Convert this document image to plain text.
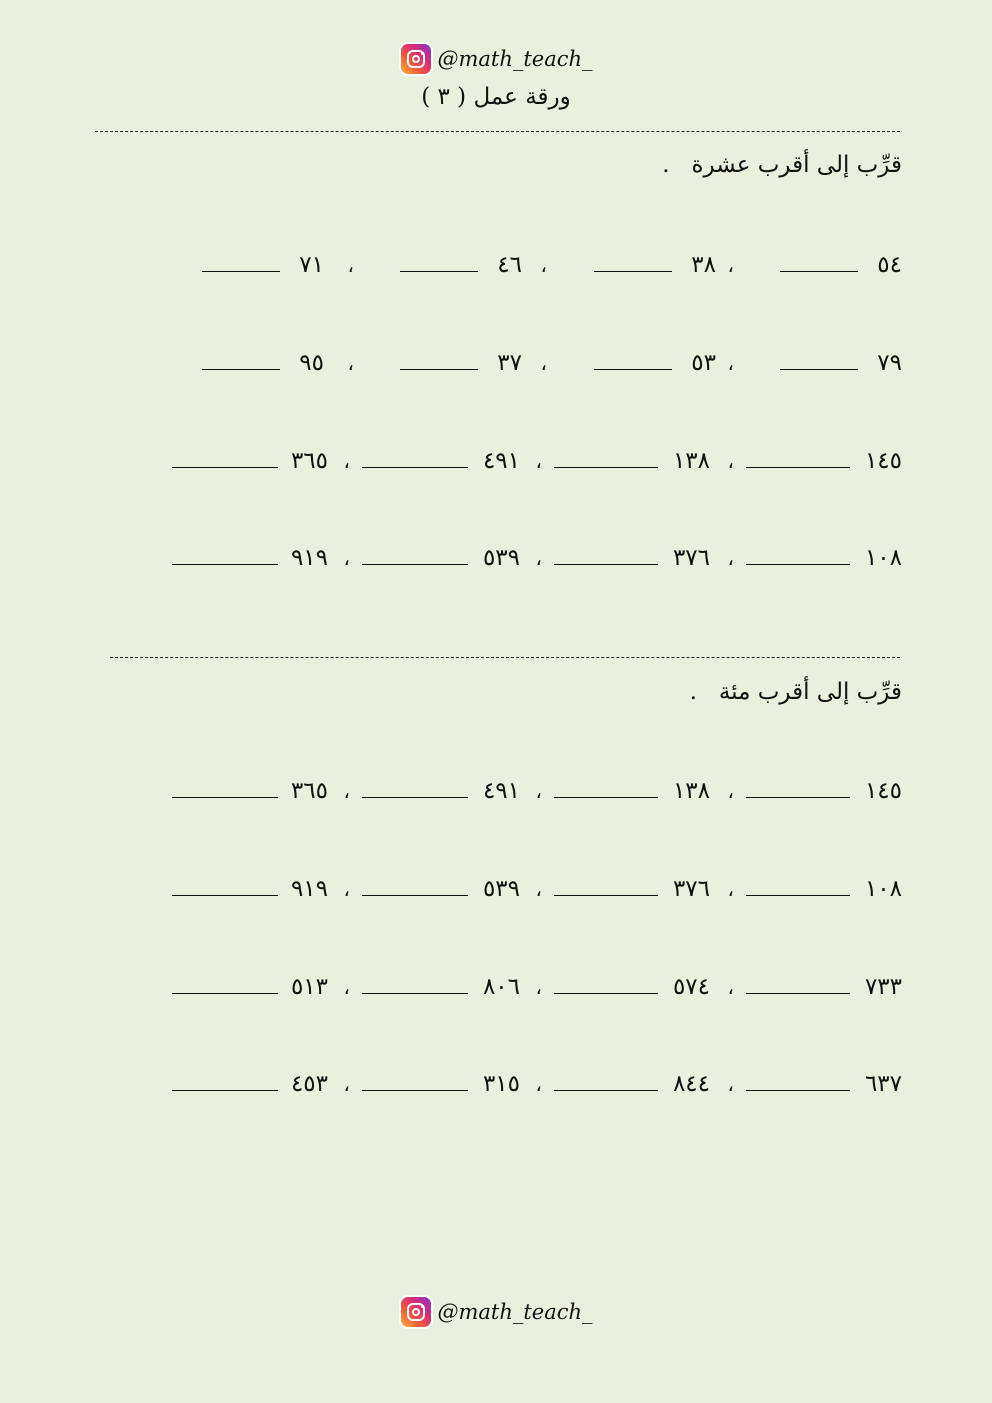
@math_teach_
ورقة عمل ( ٣ )
قرِّب إلى أقرب عشرة   .
٥٤
،
٣٨
،
٤٦
،
٧١
٧٩
،
٥٣
،
٣٧
،
٩٥
١٤٥
،
١٣٨
،
٤٩١
،
٣٦٥
١٠٨
،
٣٧٦
،
٥٣٩
،
٩١٩
قرِّب إلى أقرب مئة   .
١٤٥
،
١٣٨
،
٤٩١
،
٣٦٥
١٠٨
،
٣٧٦
،
٥٣٩
،
٩١٩
٧٣٣
،
٥٧٤
،
٨٠٦
،
٥١٣
٦٣٧
،
٨٤٤
،
٣١٥
،
٤٥٣
@math_teach_
